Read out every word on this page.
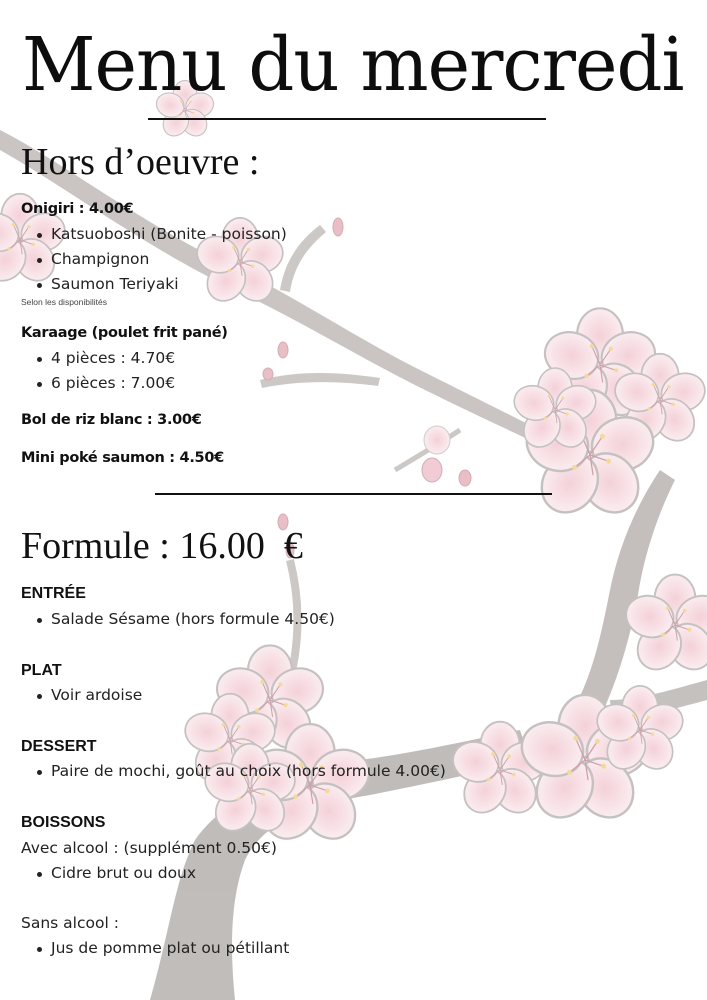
Menu du mercredi
Hors d’oeuvre :

Onigiri : 4.00€

Katsuoboshi (Bonite - poisson)
Champignon
Saumon Teriyaki

Selon les disponibilités

Karaage (poulet frit pané)

4 pièces : 4.70€
6 pièces : 7.00€

Bol de riz blanc : 3.00€

Mini poké saumon : 4.50€

Formule : 16.00  €

ENTRÉE

Salade Sésame (hors formule 4.50€)

PLAT

Voir ardoise

DESSERT

Paire de mochi, goût au choix (hors formule 4.00€)

BOISSONS

Avec alcool : (supplément 0.50€)

Cidre brut ou doux

Sans alcool :

Jus de pomme plat ou pétillant
